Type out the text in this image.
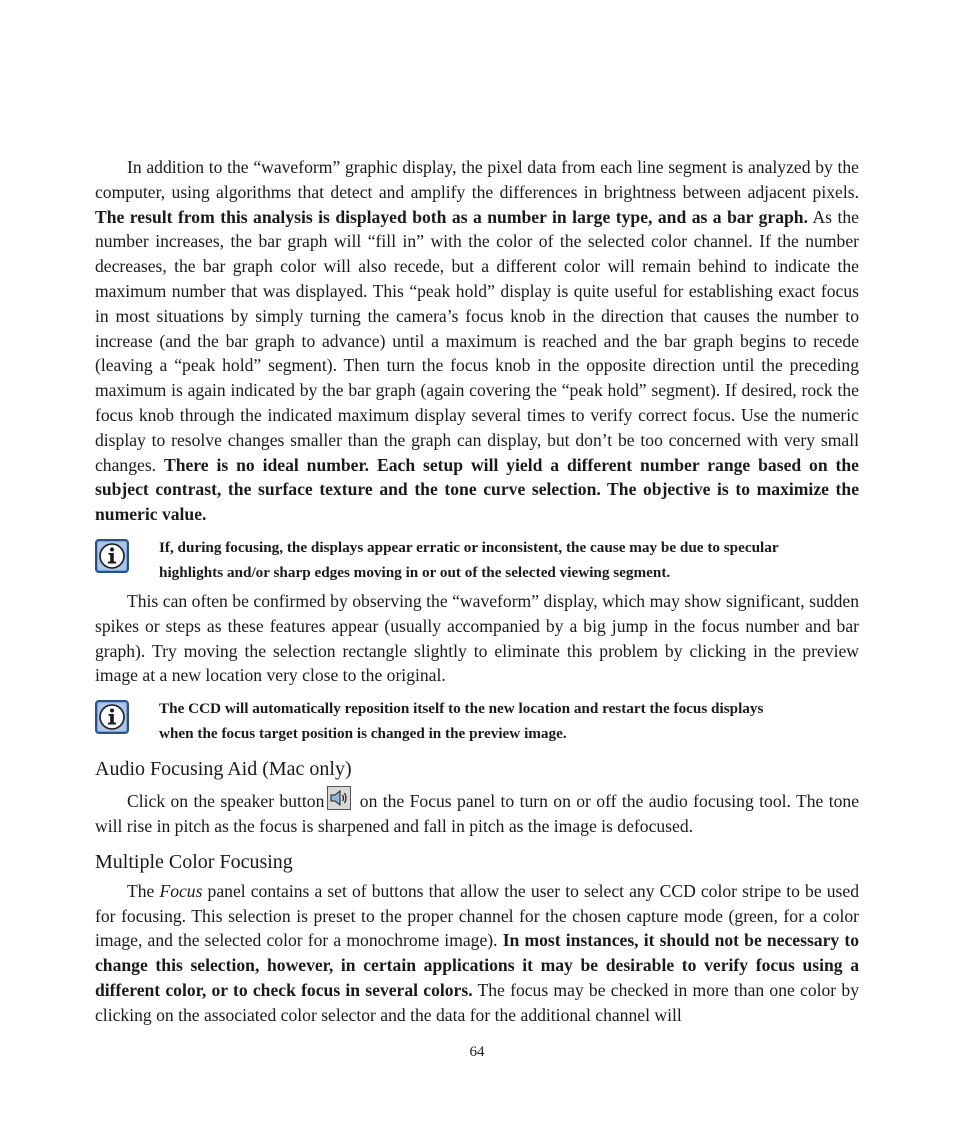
In addition to the “waveform” graphic display, the pixel data from each line segment is analyzed by the computer, using algorithms that detect and amplify the differences in brightness between adjacent pixels. The result from this analysis is displayed both as a number in large type, and as a bar graph. As the number increases, the bar graph will “fill in” with the color of the selected color channel. If the number decreases, the bar graph color will also recede, but a different color will remain behind to indicate the maximum number that was displayed. This “peak hold” display is quite useful for establishing exact focus in most situations by simply turning the camera’s focus knob in the direction that causes the number to increase (and the bar graph to advance) until a maximum is reached and the bar graph begins to recede (leaving a “peak hold” segment). Then turn the focus knob in the opposite direction until the preceding maximum is again indicated by the bar graph (again covering the “peak hold” segment). If desired, rock the focus knob through the indicated maximum display several times to verify correct focus. Use the numeric display to resolve changes smaller than the graph can display, but don’t be too concerned with very small changes. There is no ideal number. Each setup will yield a different number range based on the subject contrast, the surface texture and the tone curve selection. The objective is to maximize the numeric value.

If, during focusing, the displays appear erratic or inconsistent, the cause may be due to specular highlights and/or sharp edges moving in or out of the selected viewing segment.

This can often be confirmed by observing the “waveform” display, which may show significant, sudden spikes or steps as these features appear (usually accompanied by a big jump in the focus number and bar graph). Try moving the selection rectangle slightly to eliminate this problem by clicking in the preview image at a new location very close to the original.

The CCD will automatically reposition itself to the new location and restart the focus displays when the focus target position is changed in the preview image.
Audio Focusing Aid (Mac only)

Click on the speaker button on the Focus panel to turn on or off the audio focusing tool. The tone will rise in pitch as the focus is sharpened and fall in pitch as the image is defocused.

Multiple Color Focusing

The Focus panel contains a set of buttons that allow the user to select any CCD color stripe to be used for focusing. This selection is preset to the proper channel for the chosen capture mode (green, for a color image, and the selected color for a monochrome image). In most instances, it should not be necessary to change this selection, however, in certain applications it may be desirable to verify focus using a different color, or to check focus in several colors. The focus may be checked in more than one color by clicking on the associated color selector and the data for the additional channel will

64
